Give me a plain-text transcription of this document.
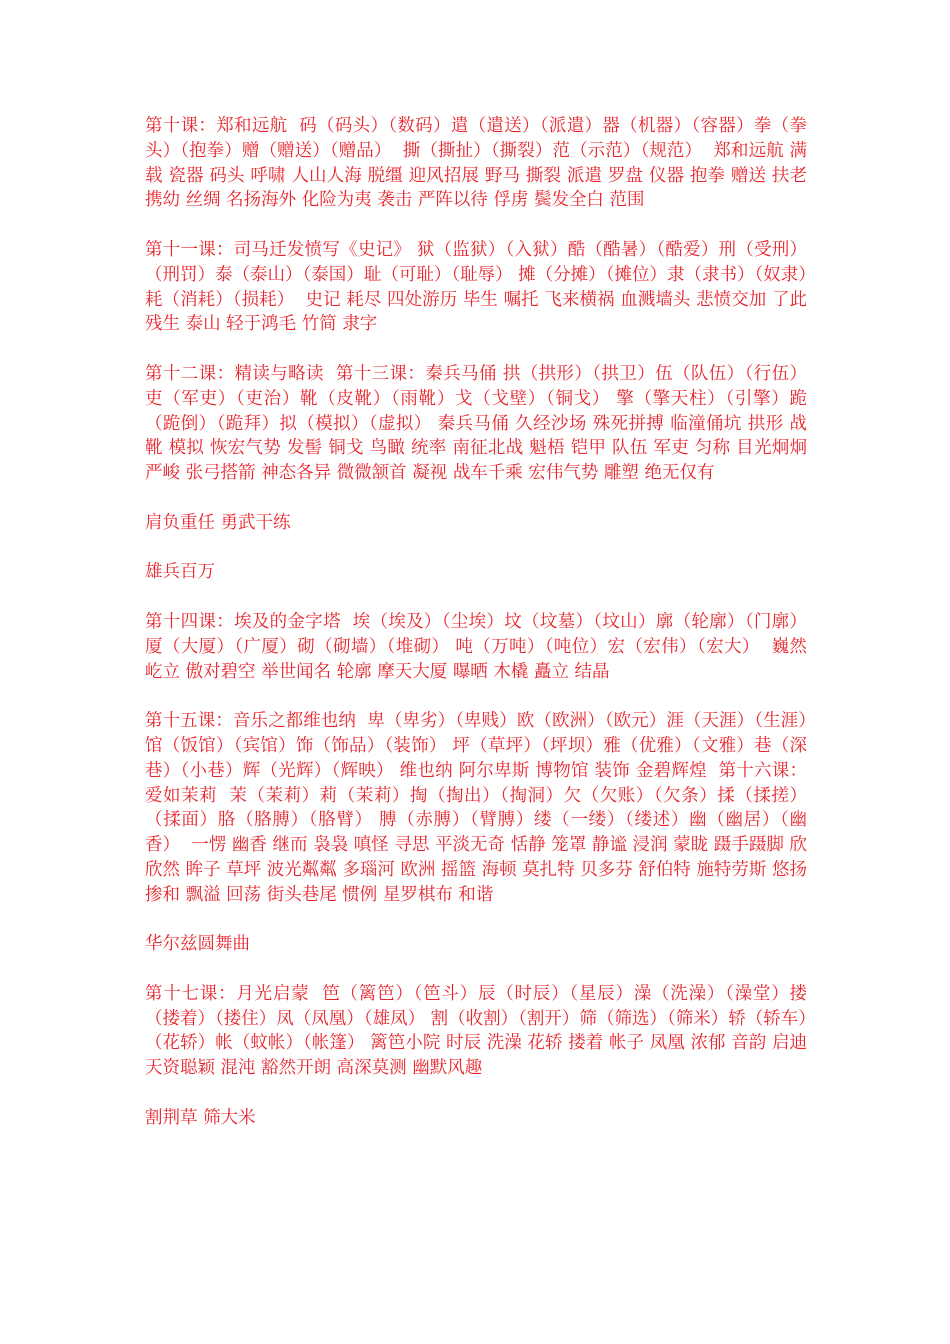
第十课：郑和远航  码（码头）（数码）遣（遣送）（派遣）器（机器）（容器）拳（拳头）（抱拳）赠（赠送）（赠品）  撕（撕扯）（撕裂）范（示范）（规范）  郑和远航 满载 瓷器 码头 呼啸 人山人海 脱缰 迎风招展 野马 撕裂 派遣 罗盘 仪器 抱拳 赠送 扶老携幼 丝绸 名扬海外 化险为夷 袭击 严阵以待 俘虏 鬓发全白 范围

第十一课：司马迁发愤写《史记》 狱（监狱）（入狱）酷（酷暑）（酷爱）刑（受刑）（刑罚）泰（泰山）（泰国）耻（可耻）（耻辱） 摊（分摊）（摊位）隶（隶书）（奴隶）耗（消耗）（损耗）  史记 耗尽 四处游历 毕生 嘱托 飞来横祸 血溅墙头 悲愤交加 了此残生 泰山 轻于鸿毛 竹简 隶字

第十二课：精读与略读  第十三课：秦兵马俑 拱（拱形）（拱卫）伍（队伍）（行伍）吏（军吏）（吏治）靴（皮靴）（雨靴）戈（戈壁）（铜戈） 擎（擎天柱）（引擎）跪（跪倒）（跪拜）拟（模拟）（虚拟） 秦兵马俑 久经沙场 殊死拼搏 临潼俑坑 拱形 战靴 模拟 恢宏气势 发髻 铜戈 鸟瞰 统率 南征北战 魁梧 铠甲 队伍 军吏 匀称 目光炯炯 严峻 张弓搭箭 神态各异 微微颔首 凝视 战车千乘 宏伟气势 雕塑 绝无仅有

肩负重任 勇武干练

雄兵百万

第十四课：埃及的金字塔  埃（埃及）（尘埃）坟（坟墓）（坟山）廓（轮廓）（门廓）厦（大厦）（广厦）砌（砌墙）（堆砌） 吨（万吨）（吨位）宏（宏伟）（宏大）  巍然屹立 傲对碧空 举世闻名 轮廓 摩天大厦 曝晒 木橇 矗立 结晶

第十五课：音乐之都维也纳  卑（卑劣）（卑贱）欧（欧洲）（欧元）涯（天涯）（生涯）馆（饭馆）（宾馆）饰（饰品）（装饰） 坪（草坪）（坪坝）雅（优雅）（文雅）巷（深巷）（小巷）辉（光辉）（辉映） 维也纳 阿尔卑斯 博物馆 装饰 金碧辉煌  第十六课：爱如茉莉  茉（茉莉）莉（茉莉）掏（掏出）（掏洞）欠（欠账）（欠条）揉（揉搓）（揉面）胳（胳膊）（胳臂） 膊（赤膊）（臂膊）缕（一缕）（缕述）幽（幽居）（幽香）  一愣 幽香 继而 袅袅 嗔怪 寻思 平淡无奇 恬静 笼罩 静谧 浸润 蒙眬 蹑手蹑脚 欣欣然 眸子 草坪 波光粼粼 多瑙河 欧洲 摇篮 海顿 莫扎特 贝多芬 舒伯特 施特劳斯 悠扬 掺和 飘溢 回荡 街头巷尾 惯例 星罗棋布 和谐

华尔兹圆舞曲

第十七课：月光启蒙  笆（篱笆）（笆斗）辰（时辰）（星辰）澡（洗澡）（澡堂）搂（搂着）（搂住）凤（凤凰）（雄凤） 割（收割）（割开）筛（筛选）（筛米）轿（轿车）（花轿）帐（蚊帐）（帐篷） 篱笆小院 时辰 洗澡 花轿 搂着 帐子 凤凰 浓郁 音韵 启迪 天资聪颖 混沌 豁然开朗 高深莫测 幽默风趣

割荆草 筛大米
